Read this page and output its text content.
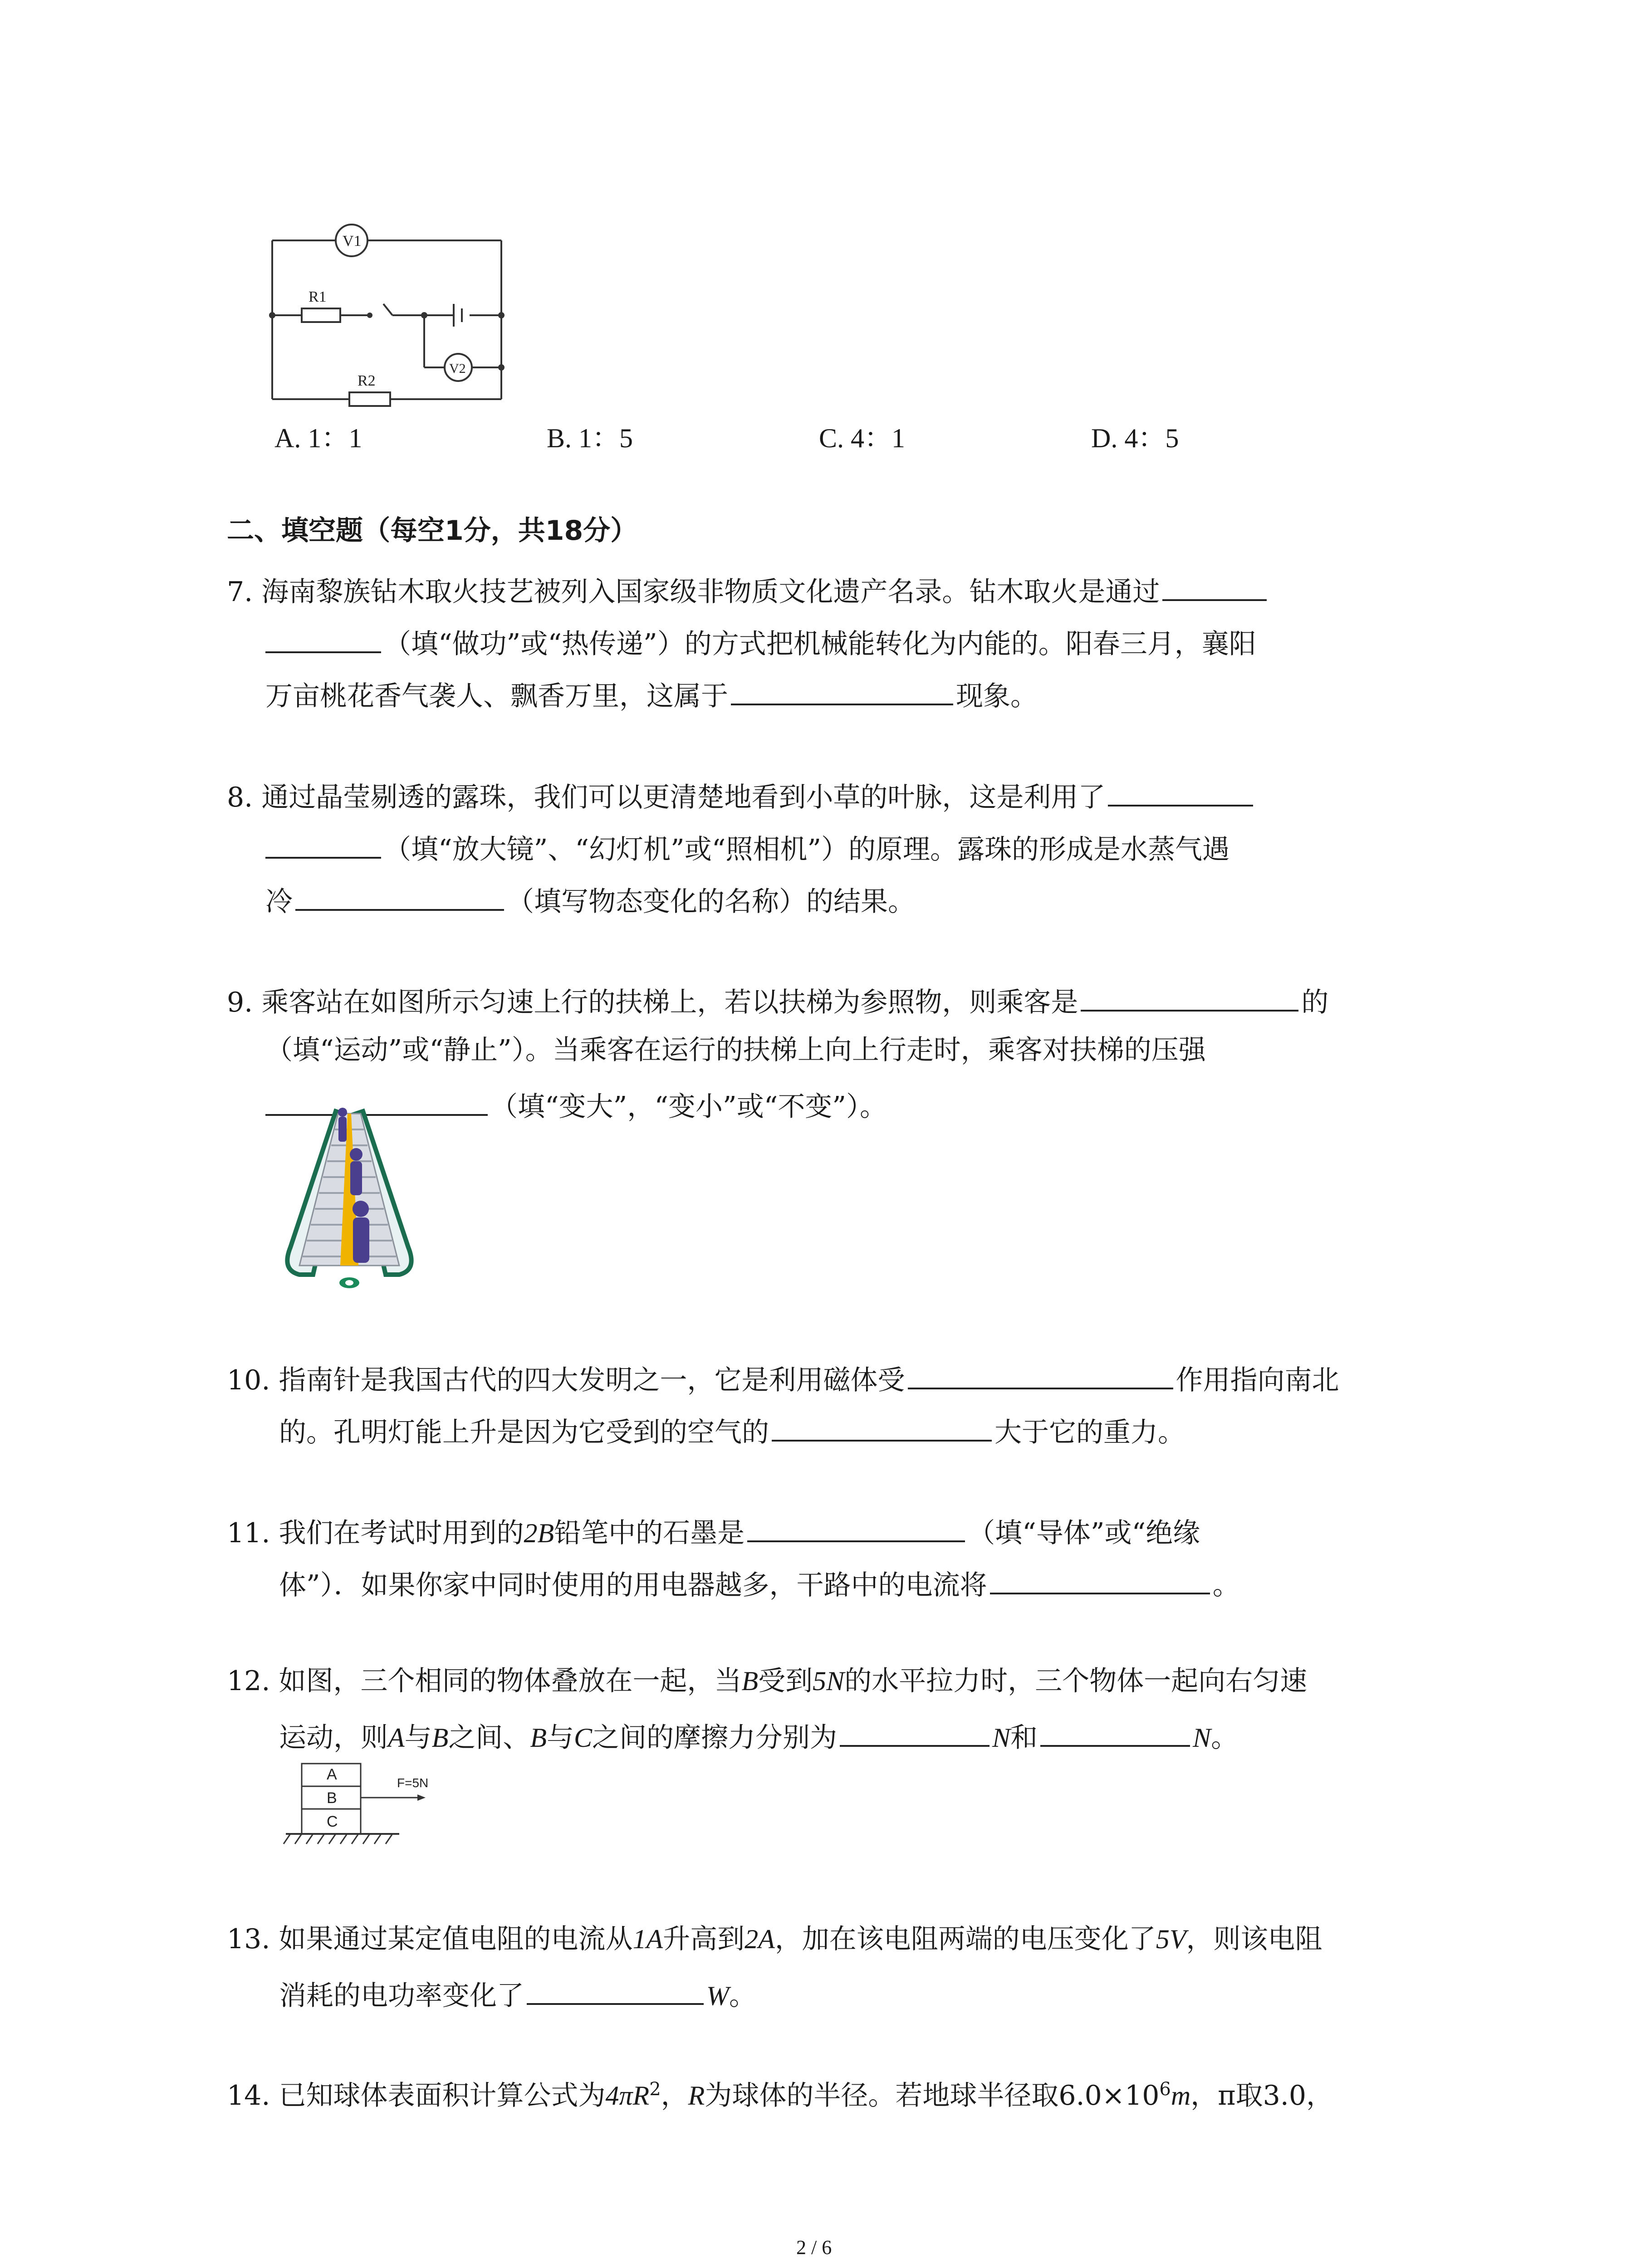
V1
V2
R1
R2
A. 1：1	B. 1：5	C. 4：1	D. 4：5
二、填空题（每空1分，共18分）
7. 海南黎族钻木取火技艺被列入国家级非物质文化遗产名录。钻木取火是通过
（填“做功”或“热传递”）的方式把机械能转化为内能的。阳春三月，襄阳
万亩桃花香气袭人、飘香万里，这属于	现象。
8. 通过晶莹剔透的露珠，我们可以更清楚地看到小草的叶脉，这是利用了
（填“放大镜”、“幻灯机”或“照相机”）的原理。露珠的形成是水蒸气遇
冷	（填写物态变化的名称）的结果。
9. 乘客站在如图所示匀速上行的扶梯上，若以扶梯为参照物，则乘客是	的
（填“运动”或“静止”）。当乘客在运行的扶梯上向上行走时，乘客对扶梯的压强
（填“变大”，“变小”或“不变”）。
10. 指南针是我国古代的四大发明之一，它是利用磁体受	作用指向南北
的。孔明灯能上升是因为它受到的空气的	大于它的重力。
11. 我们在考试时用到的2B铅笔中的石墨是	（填“导体”或“绝缘
体”）．如果你家中同时使用的用电器越多，干路中的电流将	。
12. 如图，三个相同的物体叠放在一起，当B受到5N的水平拉力时，三个物体一起向右匀速
运动，则A与B之间、B与C之间的摩擦力分别为	N和	N。
A
B
C
F=5N
13. 如果通过某定值电阻的电流从1A升高到2A，加在该电阻两端的电压变化了5V，则该电阻
消耗的电功率变化了	W。
14. 已知球体表面积计算公式为$4\pi R^2$，R为球体的半径。若地球半径取$6.0\times 10^6m$，π取3.0，
2 / 6
